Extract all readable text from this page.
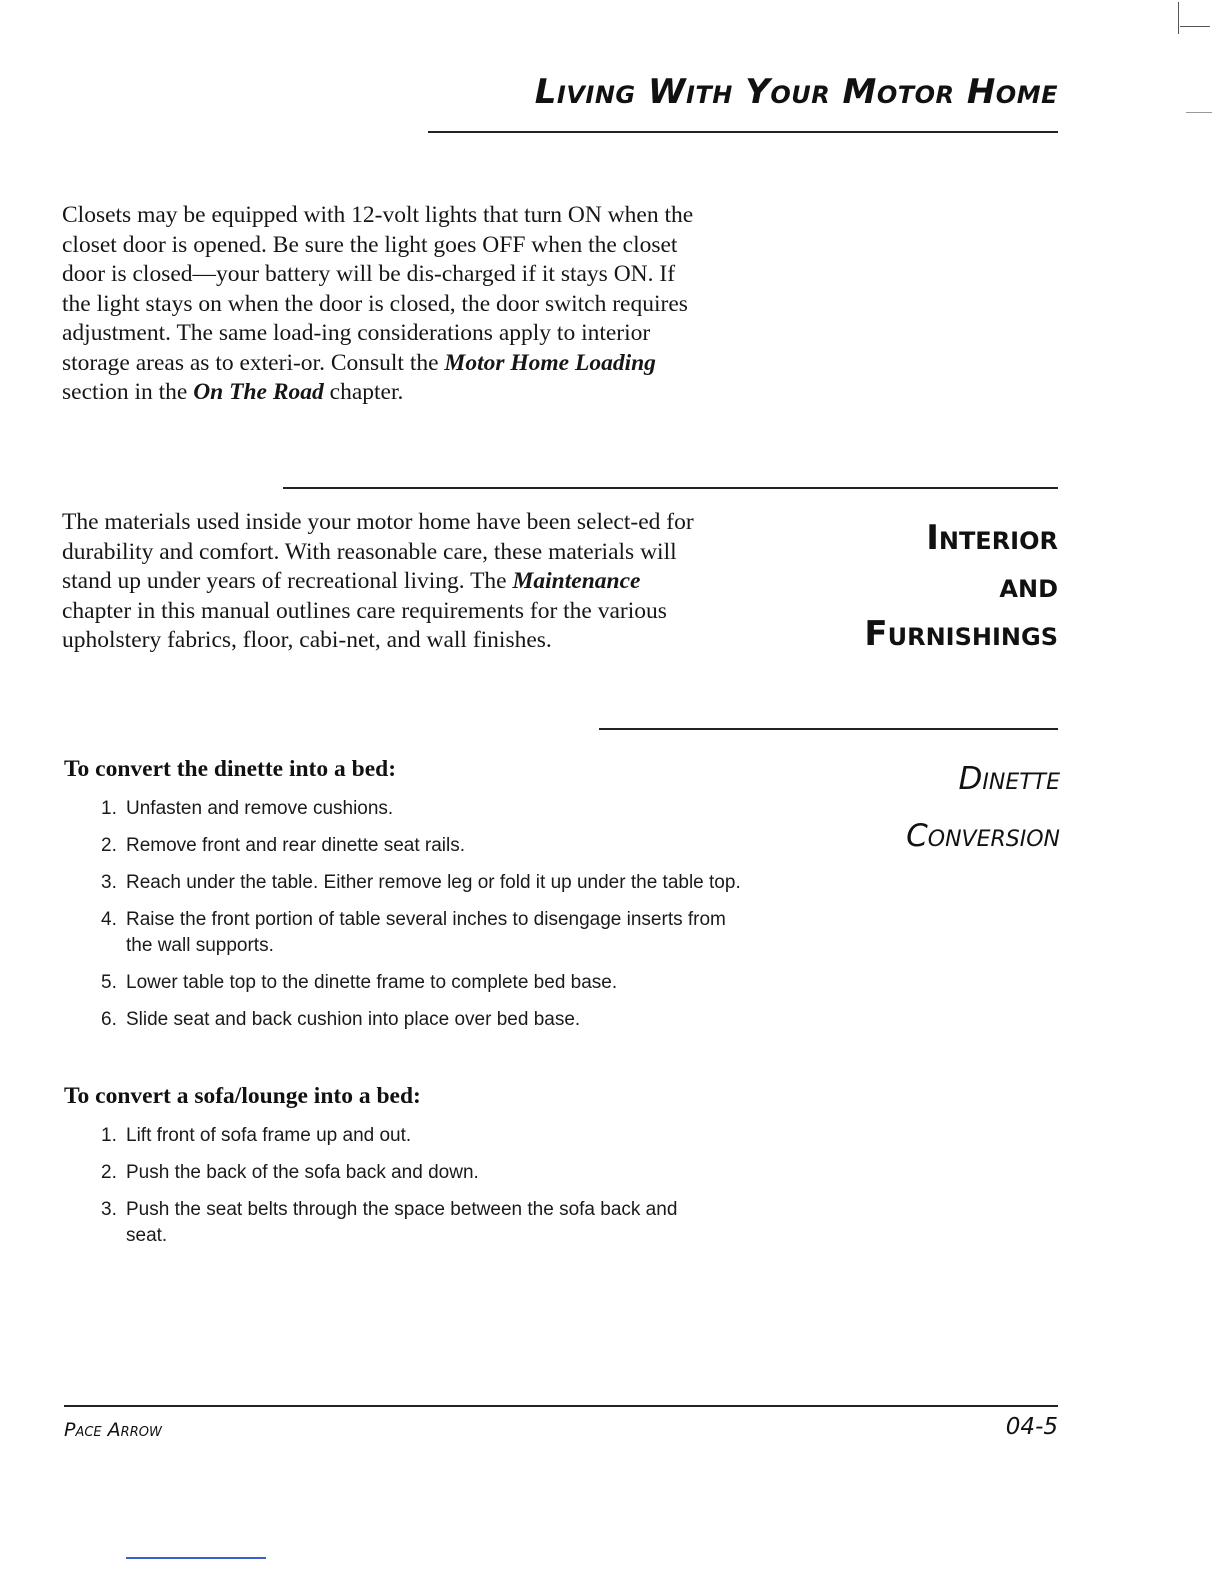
Living With Your Motor Home

Closets may be equipped with 12-volt lights that turn ON when the closet door is opened. Be sure the light goes OFF when the closet door is closed—your battery will be dis-charged if it stays ON. If the light stays on when the door is closed, the door switch requires adjustment. The same load-ing considerations apply to interior storage areas as to exteri-or. Consult the Motor Home Loading section in the On The Road chapter.

Interior
and
Furnishings

The materials used inside your motor home have been select-ed for durability and comfort. With reasonable care, these materials will stand up under years of recreational living. The Maintenance chapter in this manual outlines care requirements for the various upholstery fabrics, floor, cabi-net, and wall finishes.

Dinette
Conversion
To convert the dinette into a bed:
1. Unfasten and remove cushions.
2. Remove front and rear dinette seat rails.
3. Reach under the table. Either remove leg or fold it up under the table top.
4. Raise the front portion of table several inches to disengage inserts from the wall supports.
5. Lower table top to the dinette frame to complete bed base.
6. Slide seat and back cushion into place over bed base.
To convert a sofa/lounge into a bed:
1. Lift front of sofa frame up and out.
2. Push the back of the sofa back and down.
3. Push the seat belts through the space between the sofa back and seat.
Pace Arrow	04-5
